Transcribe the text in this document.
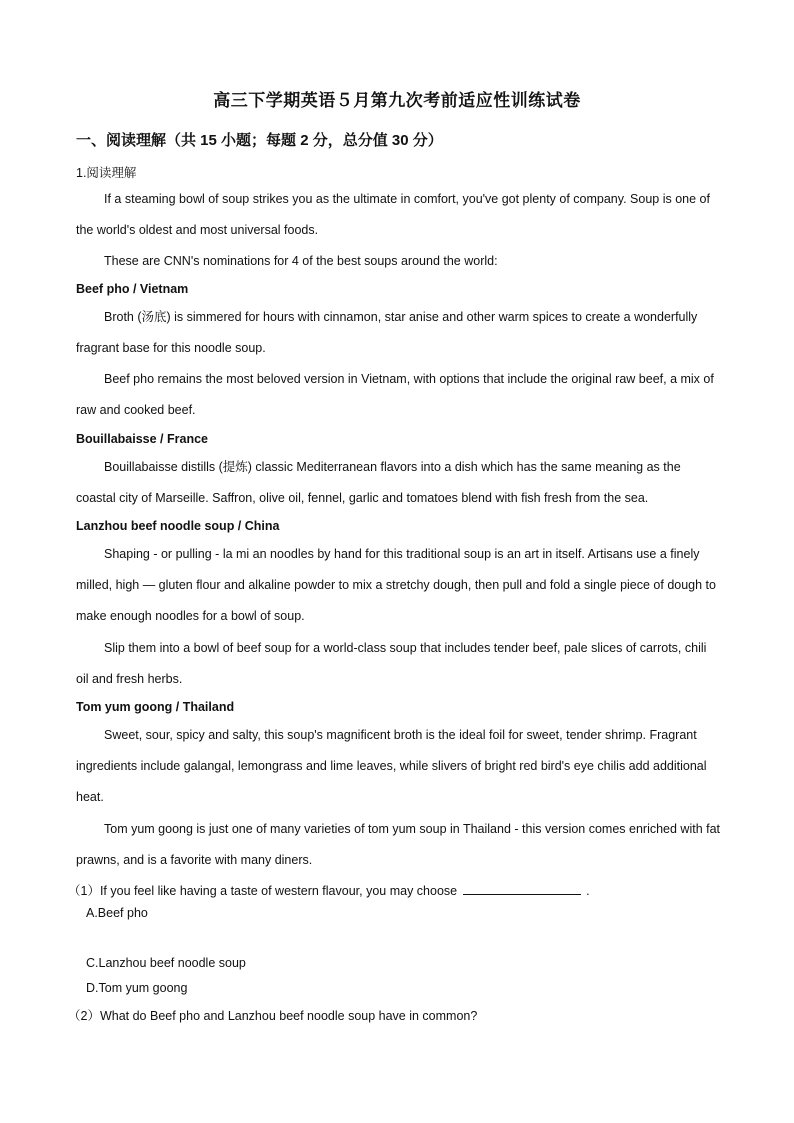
高三下学期英语５月第九次考前适应性训练试卷
一、阅读理解（共 15 小题；每题 2 分，总分值 30 分）
1.阅读理解

If a steaming bowl of soup strikes you as the ultimate in comfort, you've got plenty of company. Soup is one of the world's oldest and most universal foods.

These are CNN's nominations for 4 of the best soups around the world:

Beef pho / Vietnam

Broth (汤底) is simmered for hours with cinnamon, star anise and other warm spices to create a wonderfully fragrant base for this noodle soup.

Beef pho remains the most beloved version in Vietnam, with options that include the original raw beef, a mix of raw and cooked beef.

Bouillabaisse / France

Bouillabaisse distills (提炼) classic Mediterranean flavors into a dish which has the same meaning as the coastal city of Marseille. Saffron, olive oil, fennel, garlic and tomatoes blend with fish fresh from the sea.

Lanzhou beef noodle soup / China

Shaping - or pulling - la mi an noodles by hand for this traditional soup is an art in itself. Artisans use a finely milled, high — gluten flour and alkaline powder to mix a stretchy dough, then pull and fold a single piece of dough to make enough noodles for a bowl of soup.

Slip them into a bowl of beef soup for a world-class soup that includes tender beef, pale slices of carrots, chili oil and fresh herbs.

Tom yum goong / Thailand

Sweet, sour, spicy and salty, this soup's magnificent broth is the ideal foil for sweet, tender shrimp. Fragrant ingredients include galangal, lemongrass and lime leaves, while slivers of bright red bird's eye chilis add additional heat.

Tom yum goong is just one of many varieties of tom yum soup in Thailand - this version comes enriched with fat prawns, and is a favorite with many diners.

（1）If you feel like having a taste of western flavour, you may choose	.
A.Beef pho
C.Lanzhou beef noodle soup
D.Tom yum goong
（2）What do Beef pho and Lanzhou beef noodle soup have in common?
